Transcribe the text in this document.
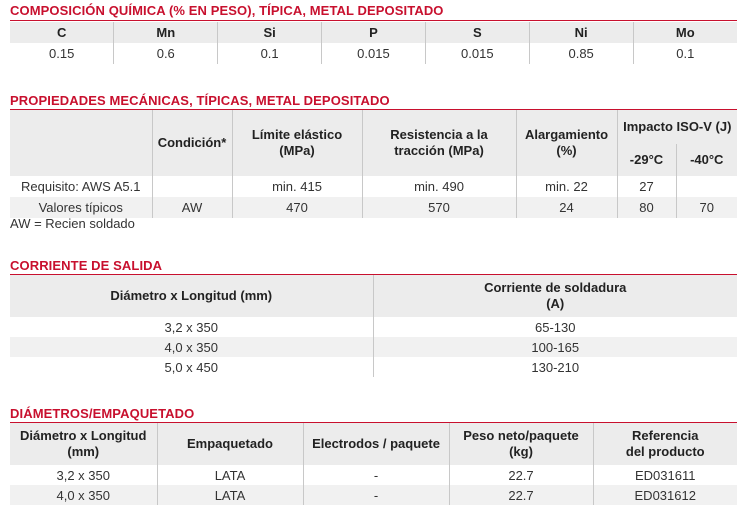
COMPOSICIÓN QUÍMICA (% EN PESO), TÍPICA, METAL DEPOSITADO
C	Mn	Si	P	S	Ni	Mo
0.15	0.6	0.1	0.015	0.015	0.85	0.1
PROPIEDADES MECÁNICAS, TÍPICAS, METAL DEPOSITADO
	Condición*	Límite elástico (MPa)	Resistencia a la tracción (MPa)	Alargamiento (%)	Impacto ISO-V (J)	
					-29°C	-40°C
Requisito: AWS A5.1		min. 415	min. 490	min. 22	27	
Valores típicos	AW	470	570	24	80	70
AW = Recien soldado
CORRIENTE DE SALIDA
Diámetro x Longitud (mm)	Corriente de soldadura (A)
3,2 x 350	65-130
4,0 x 350	100-165
5,0 x 450	130-210
DIÁMETROS/EMPAQUETADO
Diámetro x Longitud (mm)	Empaquetado	Electrodos / paquete	Peso neto/paquete (kg)	Referencia del producto
3,2 x 350	LATA	-	22.7	ED031611
4,0 x 350	LATA	-	22.7	ED031612
